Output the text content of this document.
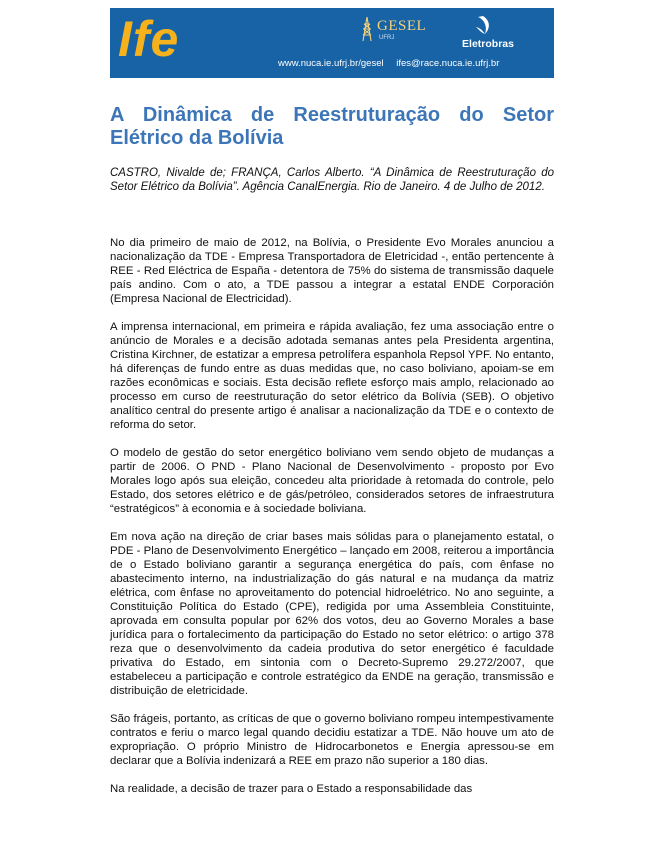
Ife	GESEL
UFRJ	Eletrobras
www.nuca.ie.ufrj.br/gesel ifes@race.nuca.ie.ufrj.br
A Dinâmica de Reestruturação do Setor Elétrico da Bolívia
CASTRO, Nivalde de; FRANÇA, Carlos Alberto. “A Dinâmica de Reestruturação do Setor Elétrico da Bolívia”. Agência CanalEnergia. Rio de Janeiro. 4 de Julho de 2012.

No dia primeiro de maio de 2012, na Bolívia, o Presidente Evo Morales anunciou a nacionalização da TDE - Empresa Transportadora de Eletricidad -, então pertencente à REE - Red Eléctrica de España - detentora de 75% do sistema de transmissão daquele país andino. Com o ato, a TDE passou a integrar a estatal ENDE Corporación (Empresa Nacional de Electricidad).

A imprensa internacional, em primeira e rápida avaliação, fez uma associação entre o anúncio de Morales e a decisão adotada semanas antes pela Presidenta argentina, Cristina Kirchner, de estatizar a empresa petrolífera espanhola Repsol YPF. No entanto, há diferenças de fundo entre as duas medidas que, no caso boliviano, apoiam-se em razões econômicas e sociais. Esta decisão reflete esforço mais amplo, relacionado ao processo em curso de reestruturação do setor elétrico da Bolívia (SEB). O objetivo analítico central do presente artigo é analisar a nacionalização da TDE e o contexto de reforma do setor.

O modelo de gestão do setor energético boliviano vem sendo objeto de mudanças a partir de 2006. O PND - Plano Nacional de Desenvolvimento - proposto por Evo Morales logo após sua eleição, concedeu alta prioridade à retomada do controle, pelo Estado, dos setores elétrico e de gás/petróleo, considerados setores de infraestrutura “estratégicos” à economia e à sociedade boliviana.

Em nova ação na direção de criar bases mais sólidas para o planejamento estatal, o PDE - Plano de Desenvolvimento Energético – lançado em 2008, reiterou a importância de o Estado boliviano garantir a segurança energética do país, com ênfase no abastecimento interno, na industrialização do gás natural e na mudança da matriz elétrica, com ênfase no aproveitamento do potencial hidroelétrico. No ano seguinte, a Constituição Política do Estado (CPE), redigida por uma Assembleia Constituinte, aprovada em consulta popular por 62% dos votos, deu ao Governo Morales a base jurídica para o fortalecimento da participação do Estado no setor elétrico: o artigo 378 reza que o desenvolvimento da cadeia produtiva do setor energético é faculdade privativa do Estado, em sintonia com o Decreto-Supremo 29.272/2007, que estabeleceu a participação e controle estratégico da ENDE na geração, transmissão e distribuição de eletricidade.

São frágeis, portanto, as críticas de que o governo boliviano rompeu intempestivamente contratos e feriu o marco legal quando decidiu estatizar a TDE. Não houve um ato de expropriação. O próprio Ministro de Hidrocarbonetos e Energia apressou-se em declarar que a Bolívia indenizará a REE em prazo não superior a 180 dias.

Na realidade, a decisão de trazer para o Estado a responsabilidade das
